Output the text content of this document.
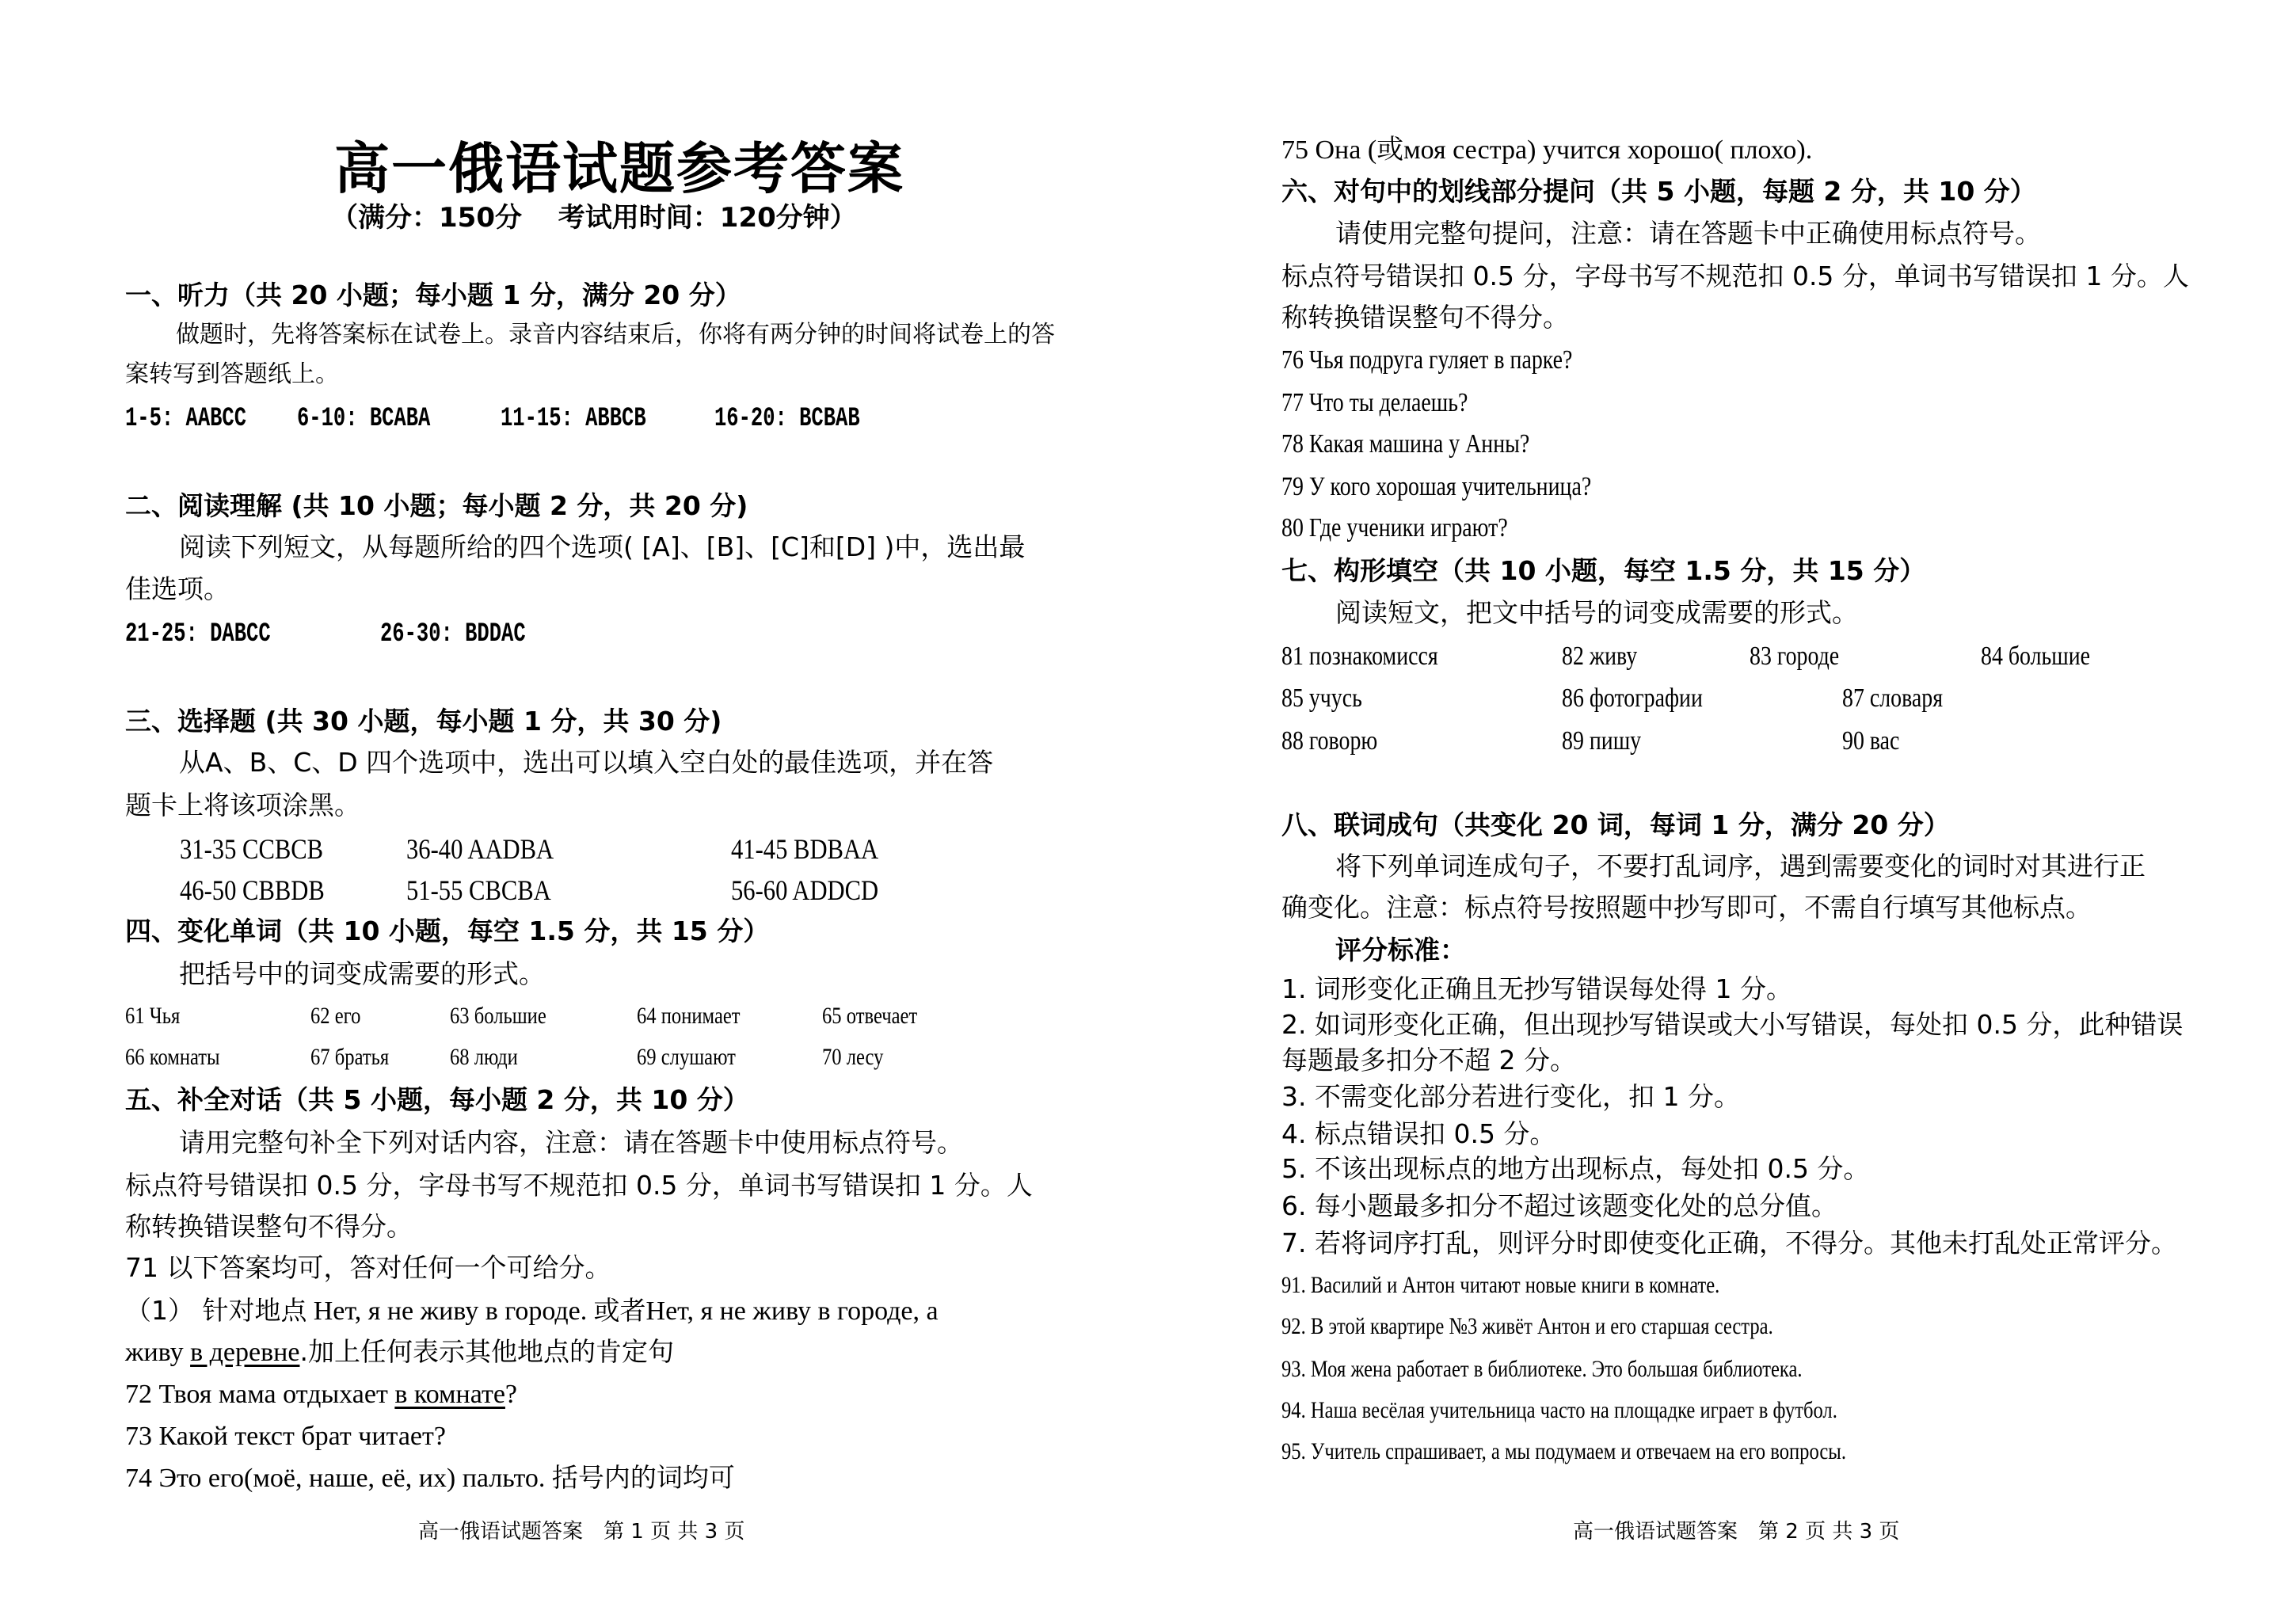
高一俄语试题参考答案
（满分：150分　 考试用时间：120分钟）
一、听力（共 20 小题；每小题 1 分，满分 20 分）
做题时，先将答案标在试卷上。录音内容结束后，你将有两分钟的时间将试卷上的答
案转写到答题纸上。
1-5: AABCC 6-10: BCABA	11-15: ABBCB	16-20: BCBAB
二、阅读理解 (共 10 小题；每小题 2 分，共 20 分)
阅读下列短文，从每题所给的四个选项( [A]、[B]、[C]和[D] )中，选出最
佳选项。
21-25: DABCC	26-30: BDDAC
三、选择题 (共 30 小题，每小题 1 分，共 30 分)
从A、B、C、D 四个选项中，选出可以填入空白处的最佳选项，并在答
题卡上将该项涂黑。
31-35 CCBCB	36-40 AADBA	41-45 BDBAA
46-50 CBBDB	51-55 CBCBA	56-60 ADDCD
四、变化单词（共 10 小题，每空 1.5 分，共 15 分）
把括号中的词变成需要的形式。
61 Чья	62 его	63 большие	64 понимает	65 отвечает
66 комнаты	67 братья	68 люди	69 слушают	70 лесу
五、补全对话（共 5 小题，每小题 2 分，共 10 分）
请用完整句补全下列对话内容，注意：请在答题卡中使用标点符号。
标点符号错误扣 0.5 分，字母书写不规范扣 0.5 分，单词书写错误扣 1 分。人
称转换错误整句不得分。
71 以下答案均可，答对任何一个可给分。
（1） 针对地点 Нет, я не живу в городе. 或者Нет, я не живу в городе, а
живу в деревне.加上任何表示其他地点的肯定句
72 Твоя мама отдыхает в комнате?
73 Какой текст брат читает?
74 Это его(моё, наше, её, их) пальто. 括号内的词均可
高一俄语试题答案　第 1 页 共 3 页
75 Она (或моя сестра) учится хорошо( плохо).
六、对句中的划线部分提问（共 5 小题，每题 2 分，共 10 分）
请使用完整句提问，注意：请在答题卡中正确使用标点符号。
标点符号错误扣 0.5 分，字母书写不规范扣 0.5 分，单词书写错误扣 1 分。人
称转换错误整句不得分。
76 Чья подруга гуляет в парке?
77 Что ты делаешь?
78 Какая машина у Анны?
79 У кого хорошая учительница?
80 Где ученики играют?
七、构形填空（共 10 小题，每空 1.5 分，共 15 分）
阅读短文，把文中括号的词变成需要的形式。
81 познакомисся	82 живу	83 городе	84 большие
85 учусь	86 фотографии	87 словаря
88 говорю	89 пишу	90 вас
八、联词成句（共变化 20 词，每词 1 分，满分 20 分）
将下列单词连成句子，不要打乱词序，遇到需要变化的词时对其进行正
确变化。注意：标点符号按照题中抄写即可，不需自行填写其他标点。
评分标准：
1. 词形变化正确且无抄写错误每处得 1 分。
2. 如词形变化正确，但出现抄写错误或大小写错误，每处扣 0.5 分，此种错误
每题最多扣分不超 2 分。
3. 不需变化部分若进行变化，扣 1 分。
4. 标点错误扣 0.5 分。
5. 不该出现标点的地方出现标点，每处扣 0.5 分。
6. 每小题最多扣分不超过该题变化处的总分值。
7. 若将词序打乱，则评分时即使变化正确，不得分。其他未打乱处正常评分。
91. Василий и Антон читают новые книги в комнате.
92. В этой квартире №3 живёт Антон и его старшая сестра.
93. Моя жена работает в библиотеке. Это большая библиотека.
94. Наша весёлая учительница часто на площадке играет в футбол.
95. Учитель спрашивает, а мы подумаем и отвечаем на его вопросы.
高一俄语试题答案　第 2 页 共 3 页
